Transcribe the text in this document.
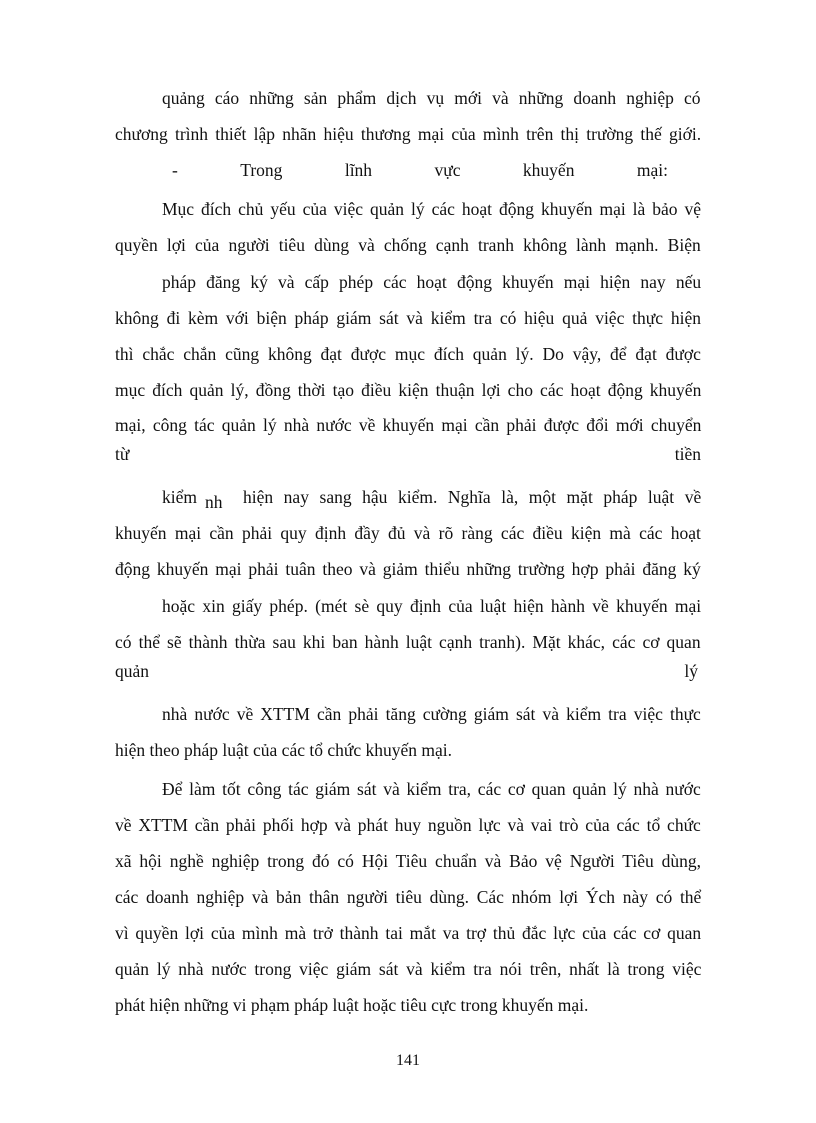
quảng cáo những sản phẩm dịch vụ mới và những doanh nghiệp có
chương trình thiết lập nhãn hiệu thương mại của mình trên thị trường thế giới.
-	Trong	lĩnh	vực	khuyến	mại:
Mục đích chủ yếu của việc quản lý các hoạt động khuyến mại là bảo vệ
quyền lợi của người tiêu dùng và chống cạnh tranh không lành mạnh. Biện
pháp đăng ký và cấp phép các hoạt động khuyến mại hiện nay nếu
không đi kèm với biện pháp giám sát và kiểm tra có hiệu quả việc thực hiện
thì chắc chắn cũng không đạt được mục đích quản lý. Do vậy, để đạt được
mục đích quản lý, đồng thời tạo điều kiện thuận lợi cho các hoạt động khuyến
mại, công tác quản lý nhà nước về khuyến mại cần phải được đổi mới chuyển
từ	tiền
kiểm nh hiện nay sang hậu kiểm. Nghĩa là, một mặt pháp luật về
khuyến mại cần phải quy định đầy đủ và rõ ràng các điều kiện mà các hoạt
động khuyến mại phải tuân theo và giảm thiểu những trường hợp phải đăng ký
hoặc xin giấy phép. (mét sè quy định của luật hiện hành về khuyến mại
có thể sẽ thành thừa sau khi ban hành luật cạnh tranh). Mặt khác, các cơ quan
quản	lý
nhà nước về XTTM cần phải tăng cường giám sát và kiểm tra việc thực
hiện theo pháp luật của các tổ chức khuyến mại.
Để làm tốt công tác giám sát và kiểm tra, các cơ quan quản lý nhà nước
về XTTM cần phải phối hợp và phát huy nguồn lực và vai trò của các tổ chức
xã hội nghề nghiệp trong đó có Hội Tiêu chuẩn và Bảo vệ Người Tiêu dùng,
các doanh nghiệp và bản thân người tiêu dùng. Các nhóm lợi Ých này có thể
vì quyền lợi của mình mà trở thành tai mắt va trợ thủ đắc lực của các cơ quan
quản lý nhà nước trong việc giám sát và kiểm tra nói trên, nhất là trong việc
phát hiện những vi phạm pháp luật hoặc tiêu cực trong khuyến mại.
141
